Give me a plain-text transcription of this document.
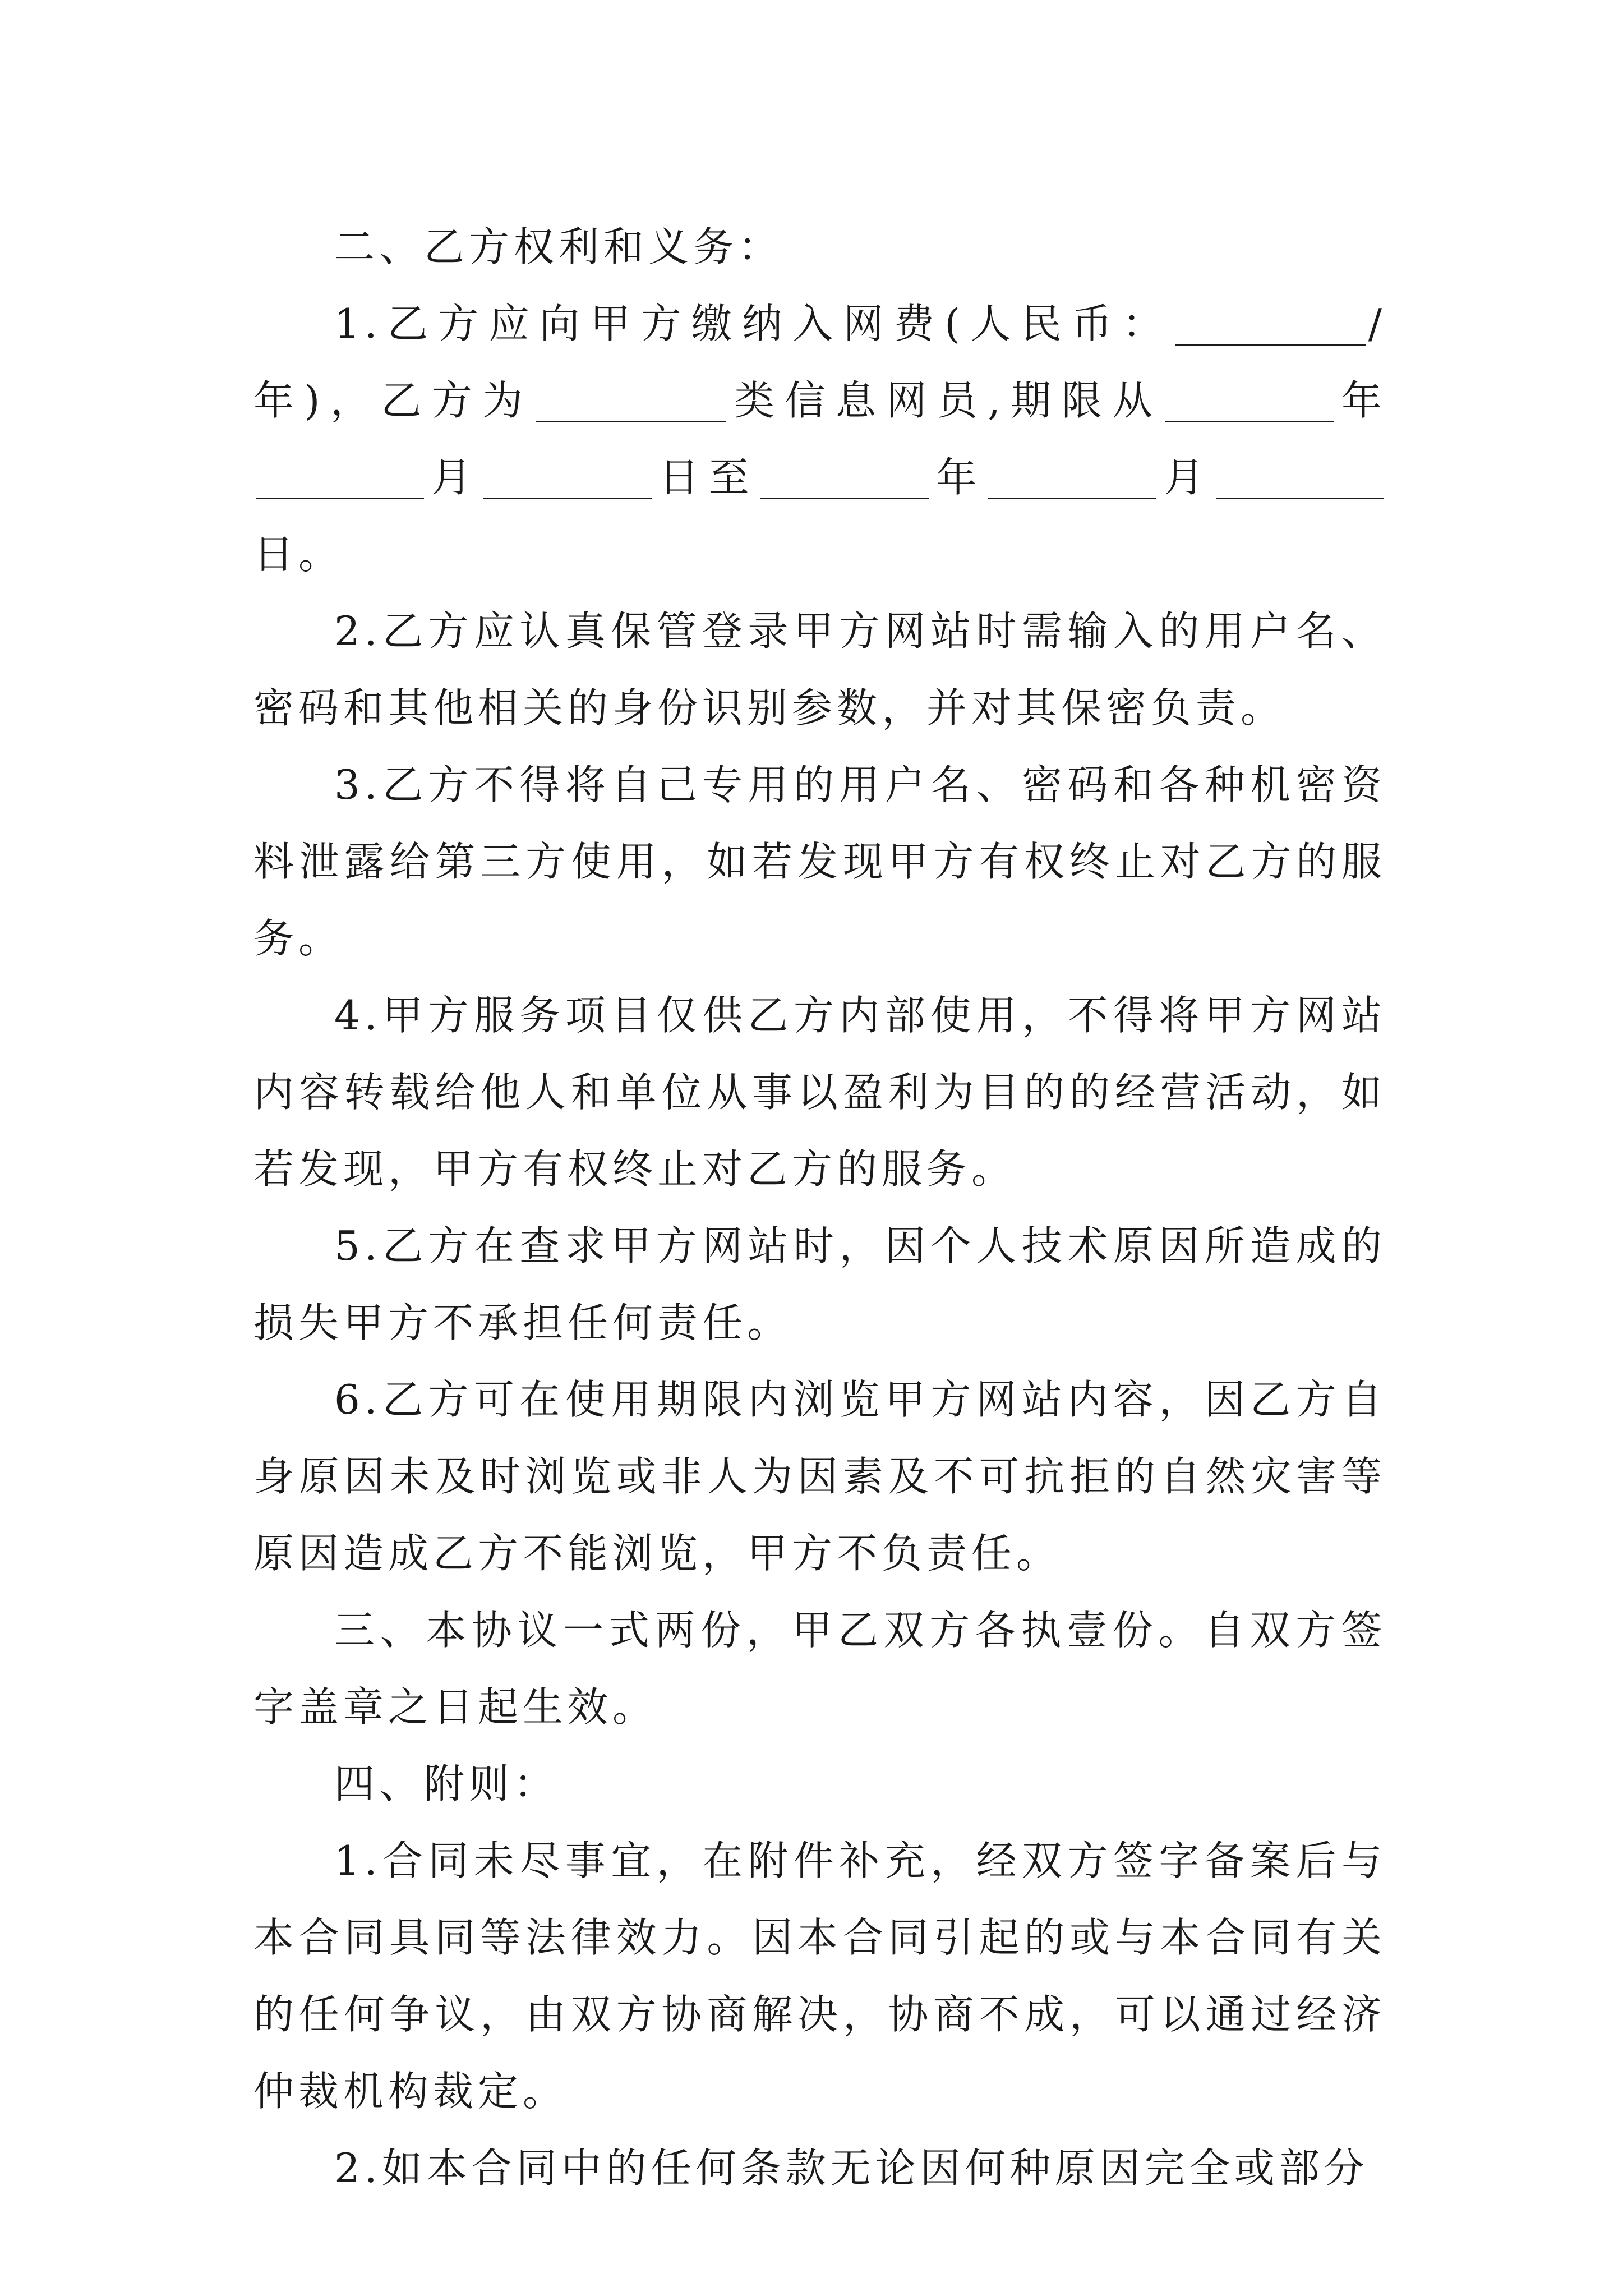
二、乙方权利和义务：

1.乙方应向甲方缴纳入网费(人民币：	/年)，乙方为	类信息网员,期限从	年月	日至	年	月日。

2.乙方应认真保管登录甲方网站时需输入的用户名、密码和其他相关的身份识别参数，并对其保密负责。

3.乙方不得将自己专用的用户名、密码和各种机密资料泄露给第三方使用，如若发现甲方有权终止对乙方的服务。

4.甲方服务项目仅供乙方内部使用，不得将甲方网站内容转载给他人和单位从事以盈利为目的的经营活动，如若发现，甲方有权终止对乙方的服务。

5.乙方在查求甲方网站时，因个人技术原因所造成的损失甲方不承担任何责任。

6.乙方可在使用期限内浏览甲方网站内容，因乙方自身原因未及时浏览或非人为因素及不可抗拒的自然灾害等原因造成乙方不能浏览，甲方不负责任。

三、本协议一式两份，甲乙双方各执壹份。自双方签字盖章之日起生效。

四、附则：

1.合同未尽事宜，在附件补充，经双方签字备案后与本合同具同等法律效力。因本合同引起的或与本合同有关的任何争议，由双方协商解决，协商不成，可以通过经济仲裁机构裁定。

2.如本合同中的任何条款无论因何种原因完全或部分
